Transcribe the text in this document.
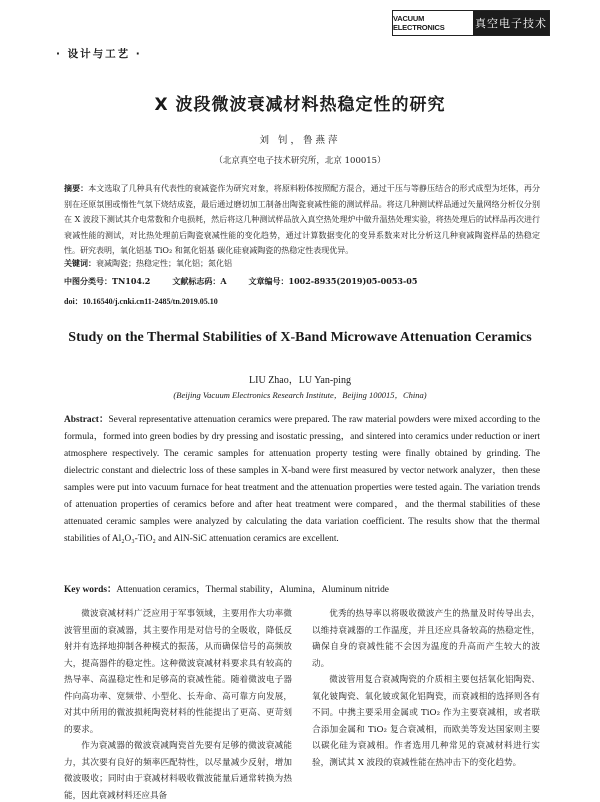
VACUUM ELECTRONICS	真空电子技术
· 设计与工艺 ·
X 波段微波衰减材料热稳定性的研究
刘 钊，鲁燕萍
（北京真空电子技术研究所，北京 100015）
摘要：本文选取了几种具有代表性的衰减瓷作为研究对象，将原料粉体按照配方混合，通过干压与等静压结合的形式成型为坯体，再分别在还原氛围或惰性气氛下烧结成瓷，最后通过磨切加工制备出陶瓷衰减性能的测试样品。将这几种测试样品通过矢量网络分析仪分别在 X 波段下测试其介电常数和介电损耗，然后将这几种测试样品放入真空热处理炉中做升温热处理实验，将热处理后的试样品再次进行衰减性能的测试，对比热处理前后陶瓷衰减性能的变化趋势，通过计算数据变化的变异系数来对比分析这几种衰减陶瓷样品的热稳定性。研究表明，氧化铝基 TiO₂ 和氮化铝基 碳化硅衰减陶瓷的热稳定性表现优异。
关键词：衰减陶瓷；热稳定性；氧化铝；氮化铝
中图分类号：TN104.2	文献标志码：A	文章编号：1002-8935(2019)05-0053-05
doi：10.16540/j.cnki.cn11-2485/tn.2019.05.10
Study on the Thermal Stabilities of X-Band Microwave Attenuation Ceramics
LIU Zhao，LU Yan-ping
(Beijing Vacuum Electronics Research Institute，Beijing 100015，China)
Abstract：Several representative attenuation ceramics were prepared. The raw material powders were mixed according to the formula，formed into green bodies by dry pressing and isostatic pressing，and sintered into ceramics under reduction or inert atmosphere respectively. The ceramic samples for attenuation property testing were finally obtained by grinding. The dielectric constant and dielectric loss of these samples in X-band were first measured by vector network analyzer，then these samples were put into vacuum furnace for heat treatment and the attenuation properties were tested again. The variation trends of attenuation properties of ceramics before and after heat treatment were compared，and the thermal stabilities of these attenuated ceramic samples were analyzed by calculating the data variation coefficient. The results show that the thermal stabilities of Al₂O₃-TiO₂ and AlN-SiC attenuation ceramics are excellent.
Key words：Attenuation ceramics，Thermal stability，Alumina，Aluminum nitride

微波衰减材料广泛应用于军事领域，主要用作大功率微波管里面的衰减器，其主要作用是对信号的全吸收，降低反射并有选择地抑制各种模式的振荡，从而确保信号的高频放大，提高器件的稳定性。这种微波衰减材料要求具有较高的热导率、高温稳定性和足够高的衰减性能。随着微波电子器件向高功率、宽频带、小型化、长寿命、高可靠方向发展，对其中所用的微波损耗陶瓷材料的性能提出了更高、更苛刻的要求。

作为衰减器的微波衰减陶瓷首先要有足够的微波衰减能力，其次要有良好的频率匹配特性，以尽量减少反射，增加微波吸收；同时由于衰减材料吸收微波能量后通常转换为热能，因此衰减材料还应具备

优秀的热导率以将吸收微波产生的热量及时传导出去，以维持衰减器的工作温度，并且还应具备较高的热稳定性，确保自身的衰减性能不会因为温度的升高而产生较大的波动。

微波管用复合衰减陶瓷的介质相主要包括氧化铝陶瓷、氧化铍陶瓷、氧化铍或氮化铝陶瓷，而衰减相的选择则各有不同。中携主要采用金属或 TiO₂ 作为主要衰减相，或者联合添加金属和 TiO₂ 复合衰减相，而欧美等发达国家则主要以碳化硅为衰减相。作者选用几种常见的衰减材料进行实验，测试其 X 波段的衰减性能在热冲击下的变化趋势。
